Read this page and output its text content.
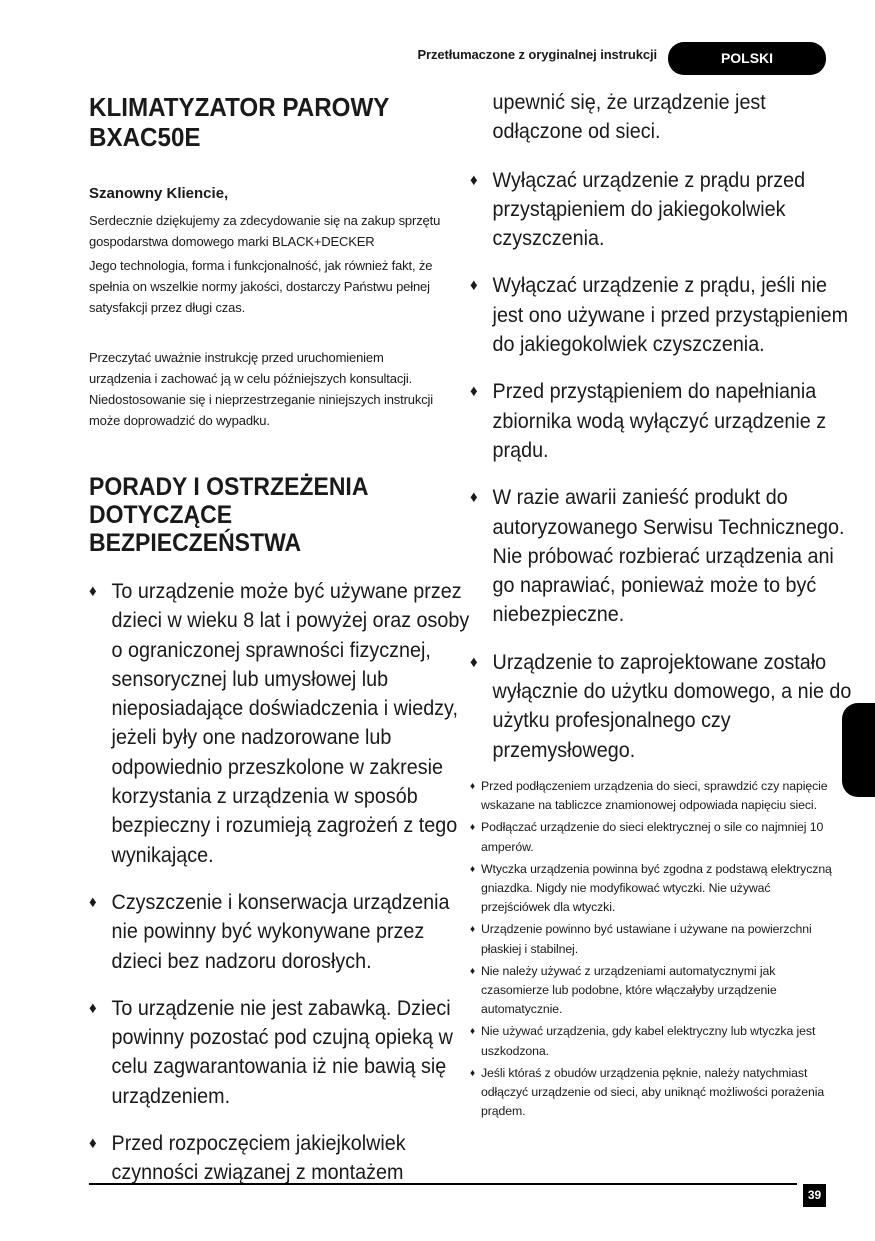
Przetłumaczone z oryginalnej instrukcji	POLSKI
KLIMATYZATOR PAROWY BXAC50E
Szanowny Kliencie,

Serdecznie dziękujemy za zdecydowanie się na zakup sprzętu gospodarstwa domowego marki BLACK+DECKER

Jego technologia, forma i funkcjonalność, jak również fakt, że spełnia on wszelkie normy jakości, dostarczy Państwu pełnej satysfakcji przez długi czas.

Przeczytać uważnie instrukcję przed uruchomieniem urządzenia i zachować ją w celu późniejszych konsultacji. Niedostosowanie się i nieprzestrzeganie niniejszych instrukcji może doprowadzić do wypadku.

PORADY I OSTRZEŻENIA DOTYCZĄCE BEZPIECZEŃSTWA
♦ To urządzenie może być używane przez dzieci w wieku 8 lat i powyżej oraz osoby o ograniczonej sprawności fizycznej, sensorycznej lub umysłowej lub nieposiadające doświadczenia i wiedzy, jeżeli były one nadzorowane lub odpowiednio przeszkolone w zakresie korzystania z urządzenia w sposób bezpieczny i rozumieją zagrożeń z tego wynikające.
♦ Czyszczenie i konserwacja urządzenia nie powinny być wykonywane przez dzieci bez nadzoru dorosłych.
♦ To urządzenie nie jest zabawką. Dzieci powinny pozostać pod czujną opieką w celu zagwarantowania iż nie bawią się urządzeniem.
♦ Przed rozpoczęciem jakiejkolwiek czynności związanej z montażem
upewnić się, że urządzenie jest odłączone od sieci.
♦ Wyłączać urządzenie z prądu przed przystąpieniem do jakiegokolwiek czyszczenia.
♦ Wyłączać urządzenie z prądu, jeśli nie jest ono używane i przed przystąpieniem do jakiegokolwiek czyszczenia.
♦ Przed przystąpieniem do napełniania zbiornika wodą wyłączyć urządzenie z prądu.
♦ W razie awarii zanieść produkt do autoryzowanego Serwisu Technicznego. Nie próbować rozbierać urządzenia ani go naprawiać, ponieważ może to być niebezpieczne.
♦ Urządzenie to zaprojektowane zostało wyłącznie do użytku domowego, a nie do użytku profesjonalnego czy przemysłowego.
♦ Przed podłączeniem urządzenia do sieci, sprawdzić czy napięcie wskazane na tabliczce znamionowej odpowiada napięciu sieci.
♦ Podłączać urządzenie do sieci elektrycznej o sile co najmniej 10 amperów.
♦ Wtyczka urządzenia powinna być zgodna z podstawą elektryczną gniazdka. Nigdy nie modyfikować wtyczki. Nie używać przejściówek dla wtyczki.
♦ Urządzenie powinno być ustawiane i używane na powierzchni płaskiej i stabilnej.
♦ Nie należy używać z urządzeniami automatycznymi jak czasomierze lub podobne, które włączałyby urządzenie automatycznie.
♦ Nie używać urządzenia, gdy kabel elektryczny lub wtyczka jest uszkodzona.
♦ Jeśli któraś z obudów urządzenia pęknie, należy natychmiast odłączyć urządzenie od sieci, aby uniknąć możliwości porażenia prądem.
39
